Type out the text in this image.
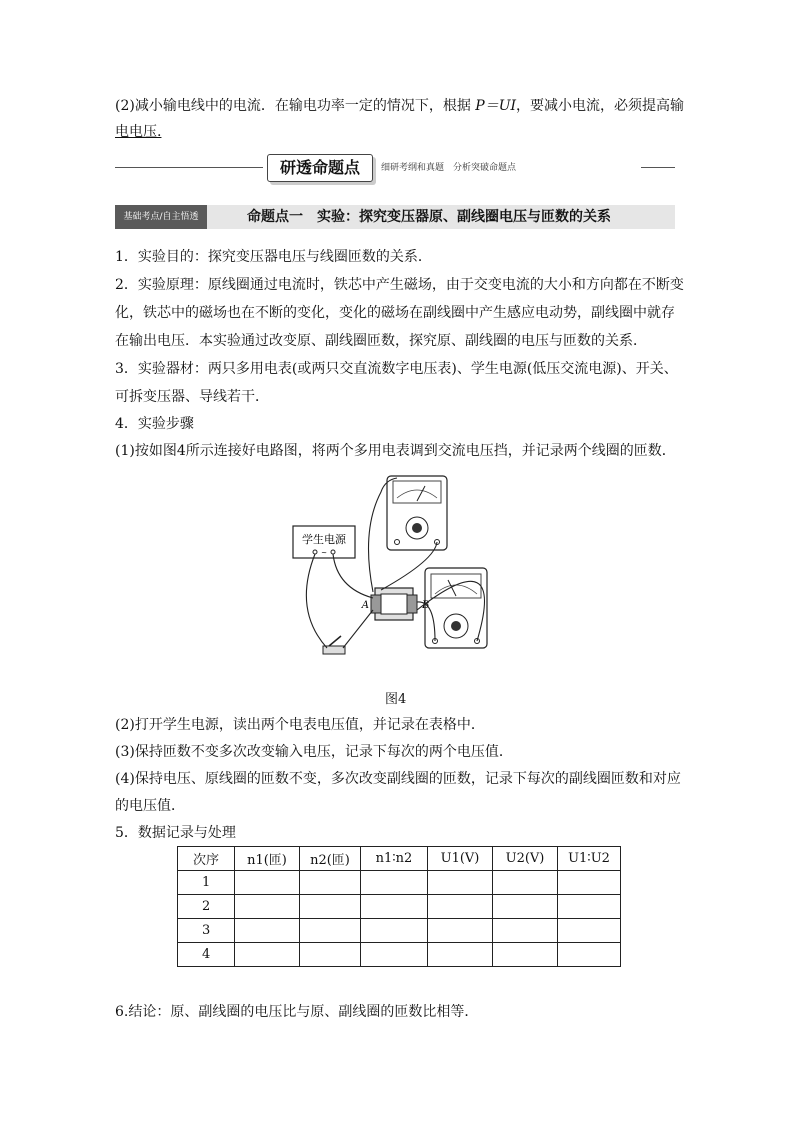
(2)减小输电线中的电流．在输电功率一定的情况下，根据 P＝UI，要减小电流，必须提高输
电电压.
研透命题点	细研考纲和真题　分析突破命题点
基础考点/自主悟透	命题点一　实验：探究变压器原、副线圈电压与匝数的关系
1．实验目的：探究变压器电压与线圈匝数的关系．
2．实验原理：原线圈通过电流时，铁芯中产生磁场，由于交变电流的大小和方向都在不断变
化，铁芯中的磁场也在不断的变化，变化的磁场在副线圈中产生感应电动势，副线圈中就存
在输出电压．本实验通过改变原、副线圈匝数，探究原、副线圈的电压与匝数的关系．
3．实验器材：两只多用电表(或两只交直流数字电压表)、学生电源(低压交流电源)、开关、
可拆变压器、导线若干．
4．实验步骤
(1)按如图4所示连接好电路图，将两个多用电表调到交流电压挡，并记录两个线圈的匝数．
学生电源
~
A	B
图4
(2)打开学生电源，读出两个电表电压值，并记录在表格中．
(3)保持匝数不变多次改变输入电压，记录下每次的两个电压值．
(4)保持电压、原线圈的匝数不变，多次改变副线圈的匝数，记录下每次的副线圈匝数和对应
的电压值．
5．数据记录与处理
次序	n1(匝)	n2(匝)	n1∶n2	U1(V)	U2(V)	U1∶U2
1						
2						
3						
4						
6.结论：原、副线圈的电压比与原、副线圈的匝数比相等．
